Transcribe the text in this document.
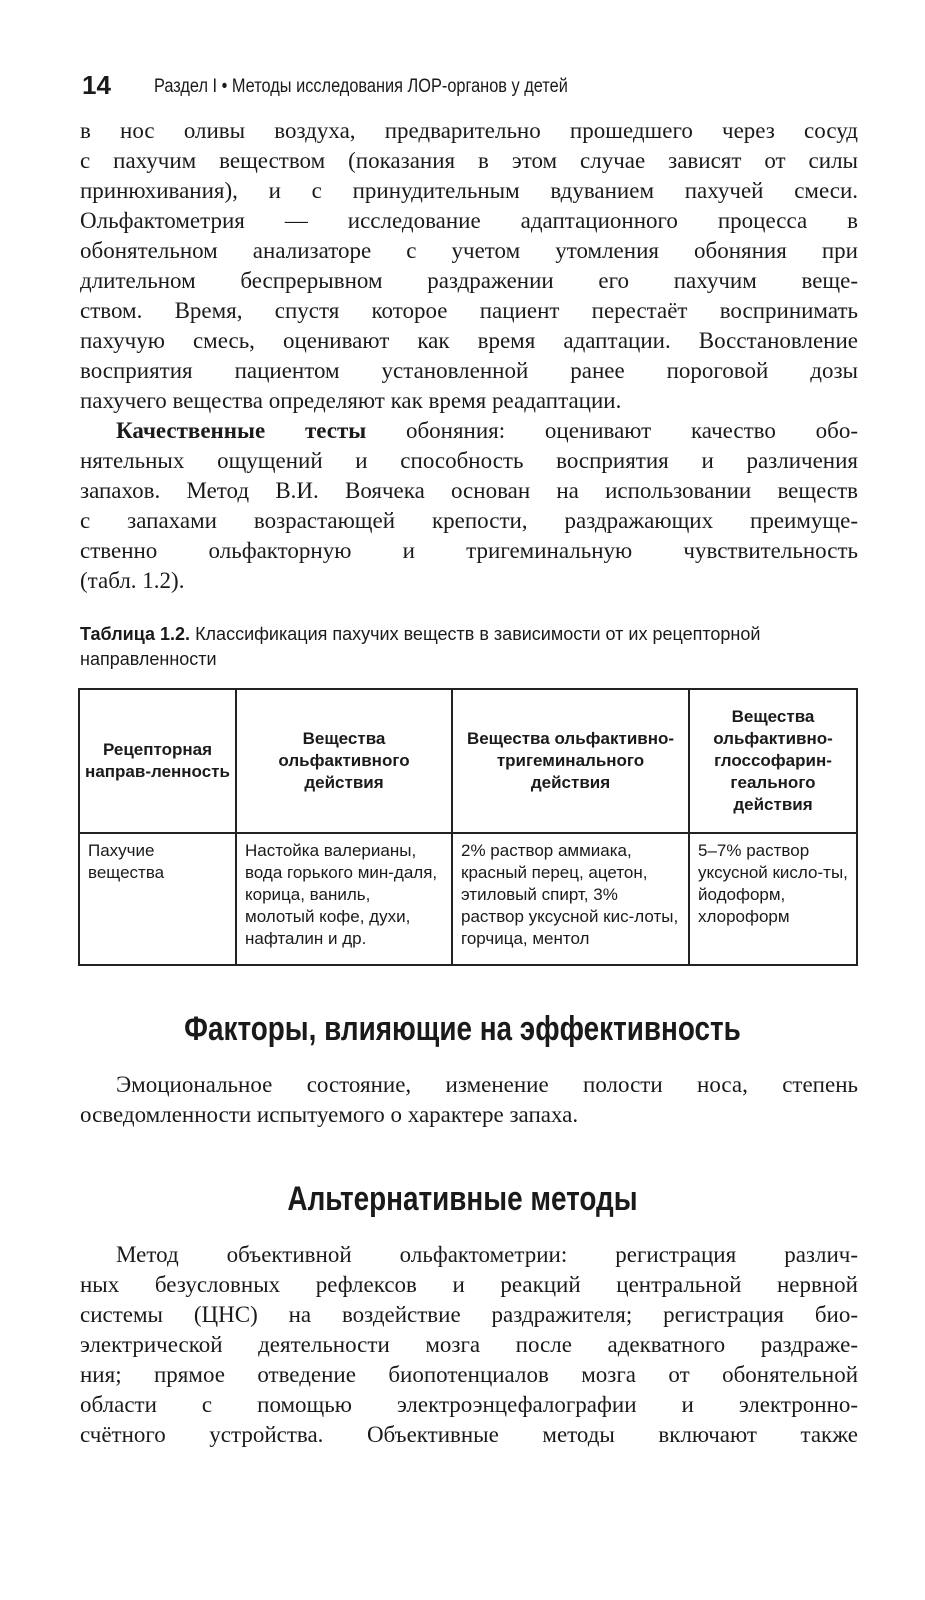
14 Раздел I • Методы исследования ЛОР-органов у детей
в нос оливы воздуха, предварительно прошедшего через сосуд
с пахучим веществом (показания в этом случае зависят от силы
принюхивания), и с принудительным вдуванием пахучей смеси.
Ольфактометрия — исследование адаптационного процесса в
обонятельном анализаторе с учетом утомления обоняния при
длительном беспрерывном раздражении его пахучим веще-
ством. Время, спустя которое пациент перестаёт воспринимать
пахучую смесь, оценивают как время адаптации. Восстановление
восприятия пациентом установленной ранее пороговой дозы
пахучего вещества определяют как время реадаптации.
Качественные тесты обоняния: оценивают качество обо-
нятельных ощущений и способность восприятия и различения
запахов. Метод В.И. Воячека основан на использовании веществ
с запахами возрастающей крепости, раздражающих преимуще-
ственно ольфакторную и тригеминальную чувствительность
(табл. 1.2).
Таблица 1.2. Классификация пахучих веществ в зависимости от их рецепторной направленности
Рецепторная направ-ленность	Вещества ольфактивного действия	Вещества ольфактивно-тригеминального действия	Вещества ольфактивно-глоссофарин-геального действия
Пахучие вещества	Настойка валерианы, вода горького мин-даля, корица, ваниль, молотый кофе, духи, нафталин и др.	2% раствор аммиака, красный перец, ацетон, этиловый спирт, 3% раствор уксусной кис-лоты, горчица, ментол	5–7% раствор уксусной кисло-ты, йодоформ, хлороформ
Факторы, влияющие на эффективность
Эмоциональное состояние, изменение полости носа, степень
осведомленности испытуемого о характере запаха.
Альтернативные методы
Метод объективной ольфактометрии: регистрация различ-
ных безусловных рефлексов и реакций центральной нервной
системы (ЦНС) на воздействие раздражителя; регистрация био-
электрической деятельности мозга после адекватного раздраже-
ния; прямое отведение биопотенциалов мозга от обонятельной
области с помощью электроэнцефалографии и электронно-
счётного устройства. Объективные методы включают также
